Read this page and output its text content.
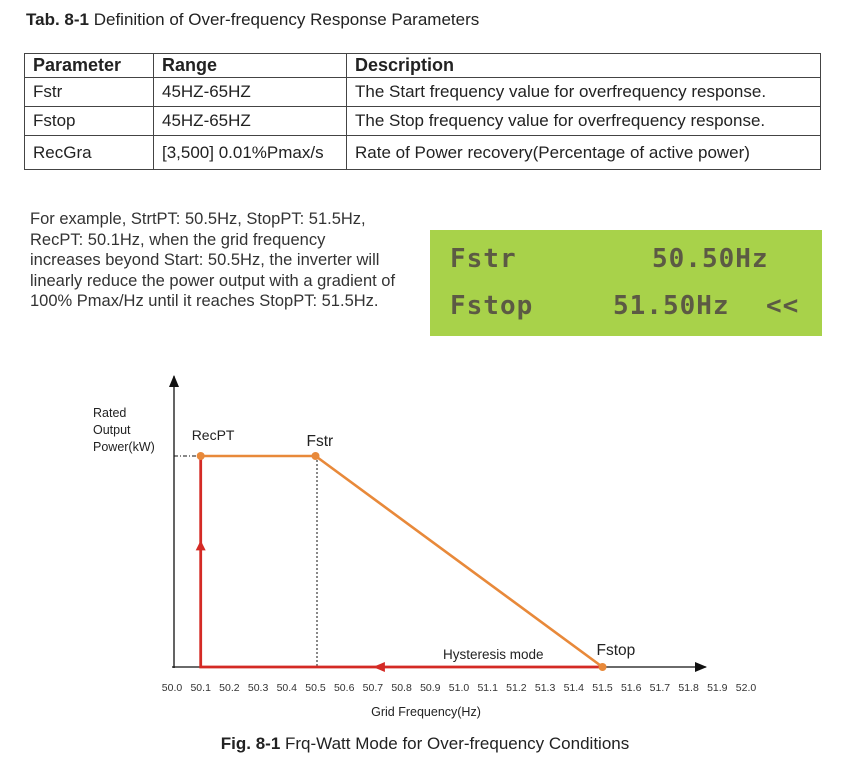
Tab. 8-1 Definition of Over-frequency Response Parameters
Parameter	Range	Description
Fstr	45HZ-65HZ	The Start frequency value for overfrequency response.
Fstop	45HZ-65HZ	The Stop frequency value for overfrequency response.
RecGra	[3,500] 0.01%Pmax/s	Rate of Power recovery(Percentage of active power)
For example, StrtPT: 50.5Hz, StopPT: 51.5Hz, RecPT: 50.1Hz, when the grid frequency increases beyond Start: 50.5Hz, the inverter will linearly reduce the power output with a gradient of 100% Pmax/Hz until it reaches StopPT: 51.5Hz.
Fstr	50.50Hz
Fstop	51.50Hz <<
Rated
Output
Power(kW)
50.0 50.1 50.2 50.3 50.4 50.5 50.6 50.7 50.8 50.9 51.0 51.1 51.2 51.3 51.4 51.5 51.6 51.7 51.8 51.9 52.0
RecPT	Fstr
Fstop
Hysteresis mode
Grid Frequency(Hz)
Fig. 8-1 Frq-Watt Mode for Over-frequency Conditions
